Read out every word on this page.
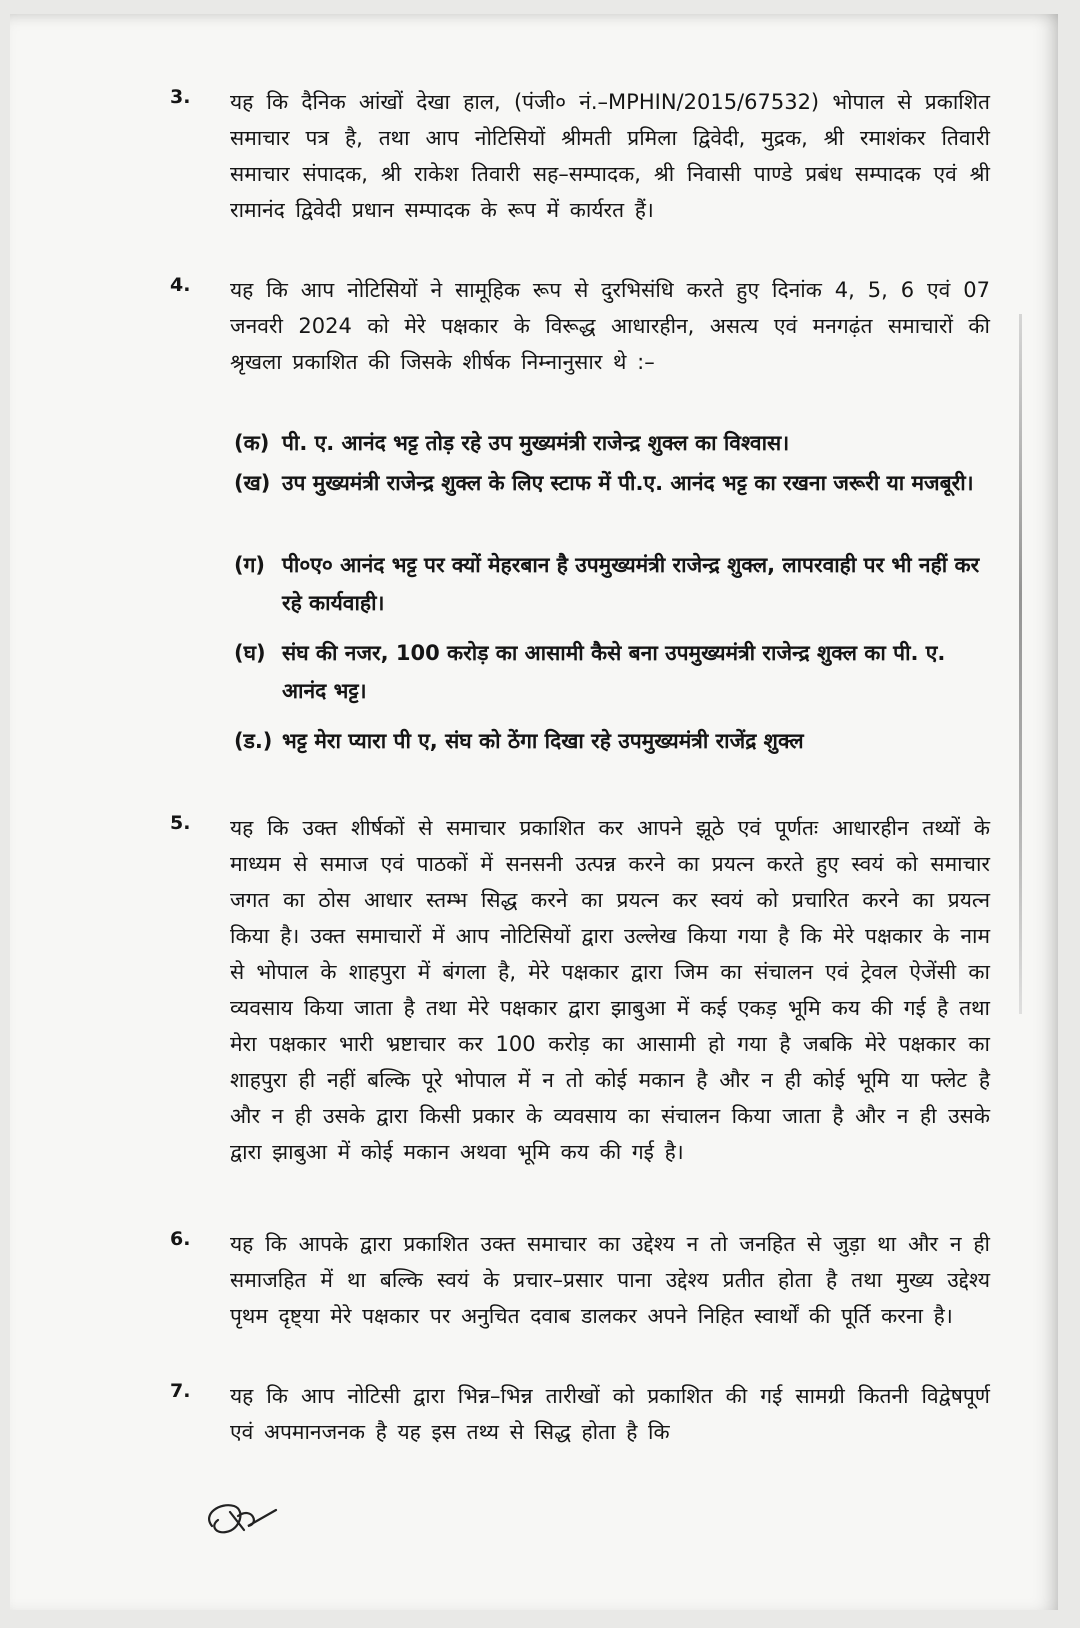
3. यह कि दैनिक आंखों देखा हाल, (पंजी० नं.–MPHIN/2015/67532) भोपाल से प्रकाशित समाचार पत्र है, तथा आप नोटिसियों श्रीमती प्रमिला द्विवेदी, मुद्रक, श्री रमाशंकर तिवारी समाचार संपादक, श्री राकेश तिवारी सह–सम्पादक, श्री निवासी पाण्डे प्रबंध सम्पादक एवं श्री रामानंद द्विवेदी प्रधान सम्पादक के रूप में कार्यरत हैं।
4. यह कि आप नोटिसियों ने सामूहिक रूप से दुरभिसंधि करते हुए दिनांक 4, 5, 6 एवं 07 जनवरी 2024 को मेरे पक्षकार के विरूद्ध आधारहीन, असत्य एवं मनगढ़ंत समाचारों की श्रृखला प्रकाशित की जिसके शीर्षक निम्नानुसार थे :–
(क) पी. ए. आनंद भट्ट तोड़ रहे उप मुख्यमंत्री राजेन्द्र शुक्ल का विश्वास।
(ख) उप मुख्यमंत्री राजेन्द्र शुक्ल के लिए स्टाफ में पी.ए. आनंद भट्ट का रखना जरूरी या मजबूरी।
(ग) पी०ए० आनंद भट्ट पर क्यों मेहरबान है उपमुख्यमंत्री राजेन्द्र शुक्ल, लापरवाही पर भी नहीं कर रहे कार्यवाही।
(घ) संघ की नजर, 100 करोड़ का आसामी कैसे बना उपमुख्यमंत्री राजेन्द्र शुक्ल का पी. ए. आनंद भट्ट।
(ड.) भट्ट मेरा प्यारा पी ए, संघ को ठेंगा दिखा रहे उपमुख्यमंत्री राजेंद्र शुक्ल
5. यह कि उक्त शीर्षकों से समाचार प्रकाशित कर आपने झूठे एवं पूर्णतः आधारहीन तथ्यों के माध्यम से समाज एवं पाठकों में सनसनी उत्पन्न करने का प्रयत्न करते हुए स्वयं को समाचार जगत का ठोस आधार स्तम्भ सिद्ध करने का प्रयत्न कर स्वयं को प्रचारित करने का प्रयत्न किया है। उक्त समाचारों में आप नोटिसियों द्वारा उल्लेख किया गया है कि मेरे पक्षकार के नाम से भोपाल के शाहपुरा में बंगला है, मेरे पक्षकार द्वारा जिम का संचालन एवं ट्रेवल ऐजेंसी का व्यवसाय किया जाता है तथा मेरे पक्षकार द्वारा झाबुआ में कई एकड़ भूमि कय की गई है तथा मेरा पक्षकार भारी भ्रष्टाचार कर 100 करोड़ का आसामी हो गया है जबकि मेरे पक्षकार का शाहपुरा ही नहीं बल्कि पूरे भोपाल में न तो कोई मकान है और न ही कोई भूमि या फ्लेट है और न ही उसके द्वारा किसी प्रकार के व्यवसाय का संचालन किया जाता है और न ही उसके द्वारा झाबुआ में कोई मकान अथवा भूमि कय की गई है।
6. यह कि आपके द्वारा प्रकाशित उक्त समाचार का उद्देश्य न तो जनहित से जुड़ा था और न ही समाजहित में था बल्कि स्वयं के प्रचार–प्रसार पाना उद्देश्य प्रतीत होता है तथा मुख्य उद्देश्य पृथम दृष्ट्या मेरे पक्षकार पर अनुचित दवाब डालकर अपने निहित स्वार्थों की पूर्ति करना है।
7. यह कि आप नोटिसी द्वारा भिन्न–भिन्न तारीखों को प्रकाशित की गई सामग्री कितनी विद्वेषपूर्ण एवं अपमानजनक है यह इस तथ्य से सिद्ध होता है कि
